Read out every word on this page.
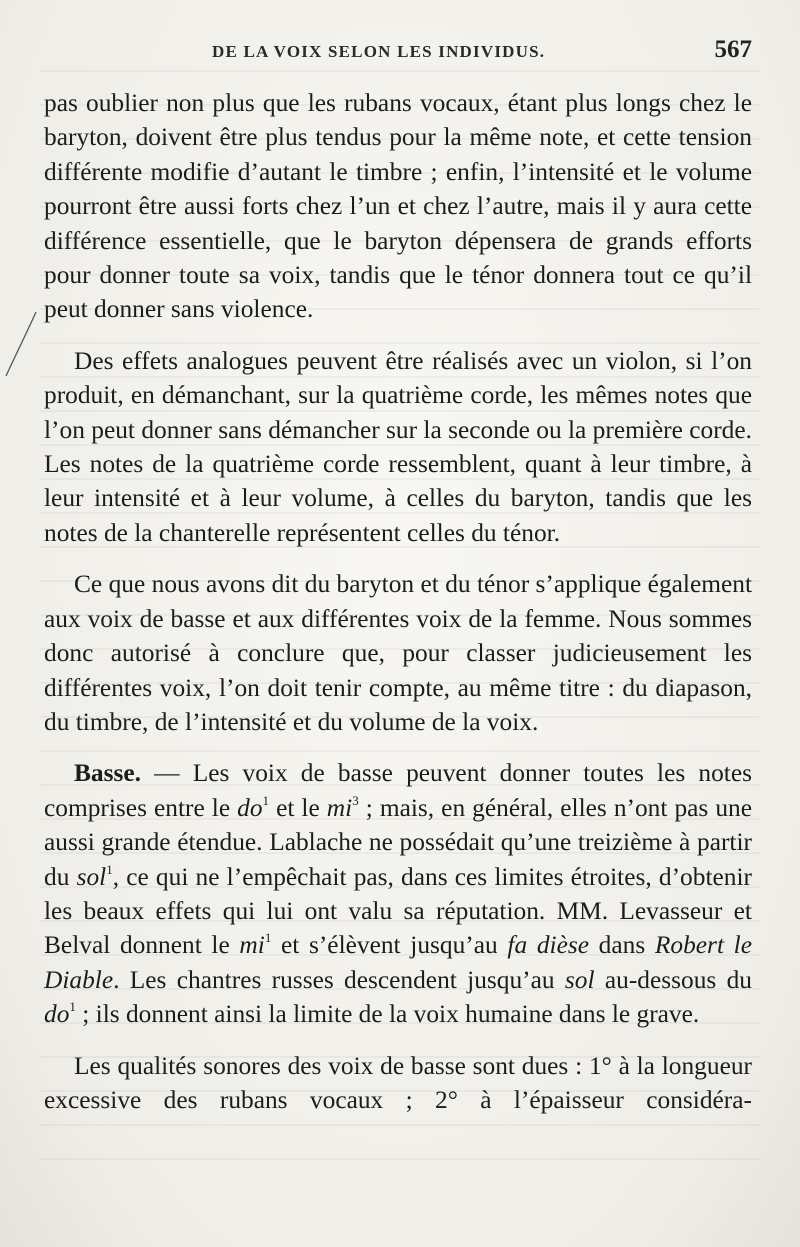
DE LA VOIX SELON LES INDIVIDUS.	567

pas oublier non plus que les rubans vocaux, étant plus longs chez le baryton, doivent être plus tendus pour la même note, et cette tension différente modifie d’autant le timbre ; enfin, l’intensité et le volume pourront être aussi forts chez l’un et chez l’autre, mais il y aura cette différence essentielle, que le baryton dépensera de grands efforts pour donner toute sa voix, tandis que le ténor donnera tout ce qu’il peut donner sans violence.

Des effets analogues peuvent être réalisés avec un violon, si l’on produit, en démanchant, sur la quatrième corde, les mêmes notes que l’on peut donner sans démancher sur la seconde ou la première corde. Les notes de la quatrième corde ressemblent, quant à leur timbre, à leur intensité et à leur volume, à celles du baryton, tandis que les notes de la chanterelle représentent celles du ténor.

Ce que nous avons dit du baryton et du ténor s’applique également aux voix de basse et aux différentes voix de la femme. Nous sommes donc autorisé à conclure que, pour classer judicieusement les différentes voix, l’on doit tenir compte, au même titre : du diapason, du timbre, de l’intensité et du volume de la voix.

Basse. — Les voix de basse peuvent donner toutes les notes comprises entre le $do^1$ et le $mi^3$ ; mais, en général, elles n’ont pas une aussi grande étendue. Lablache ne possédait qu’une treizième à partir du sol$^1$, ce qui ne l’empêchait pas, dans ces limites étroites, d’obtenir les beaux effets qui lui ont valu sa réputation. MM. Levasseur et Belval donnent le $mi^1$ et s’élèvent jusqu’au fa dièse dans Robert le Diable. Les chantres russes descendent jusqu’au sol au-dessous du $do^1$ ; ils donnent ainsi la limite de la voix humaine dans le grave.

Les qualités sonores des voix de basse sont dues : 1° à la longueur excessive des rubans vocaux ; 2° à l’épaisseur considéra-
